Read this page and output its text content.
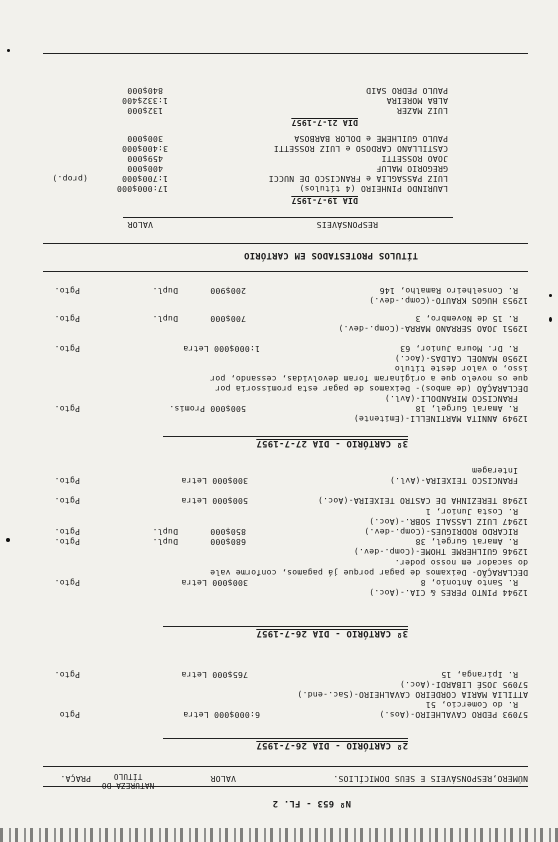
Nº 653 - FL. 2
NÚMERO,RESPONSÁVEIS E SEUS DOMICÍLIOS.
VALOR
NATUREZA DO TÍTULO
PRAÇA.
2º CARTÓRIO - DIA 26-7-1957
57093 PEDRO CAVALHEIRO-(Aos.)
6:000$000 Letra
Pgto
R. do Comercio, 51
ATTILIA MARIA CORDEIRO CAVALHEIRO-(Sac.-end.)
57095 JOSÉ LIBARDI-(Aoc.)
R. Ipiranga, 15
765$000 Letra
Pgto.
3º CARTÓRIO - DIA 26-7-1957
12944 PINTO PERES & CIA.-(Aoc.)
R. Santo Antonio, 8
300$000 Letra
Pgto.
DECLARAÇÃO- Deixamos de pagar porque já pagamos, conforme vale
do sacador em nosso poder.
12946 GUILHERME THOME-(Comp.-dev.)
R. Amaral Gurgel, 38
680$000
Dupl.
Pgto.
RICARDO RODRIGUES-(Comp.-dev.)
850$000
Dupl.
Pgto.
12947 LUIZ LASSALI SOBR.-(Aoc.)
R. Costa Junior, 1
12948 TEREZINHA DE CASTRO TEIXEIRA-(Aoc.)
500$000 Letra
Pgto.
FRANCISCO TEIXEIRA-(Avl.)
Interagem
300$000 Letra
Pgto.
3º CARTÓRIO - DIA 27-7-1957
12949 ANNITA MARTINELLI-(Emitente)
R. Amaral Gurgel, 18
500$000 Promis.
Pgto.
FRANCISCO MIRANDOLI-(Avl.)
DECLARAÇÃO (de ambos)- Deixamos de pagar esta promissoria por
que os novelo que a originaram foram devolvidas, cessando, por
isso, o valor deste título
12950 MANOEL CALDAS-(Aoc.)
R. Dr. Moura Junior, 63
1:000$000 Letra
Pgto.
12951 JOAO SERRANO MARRA-(Comp.-dev.)
R. 15 de Novembro, 3
700$000
Dupl.
Pgto.
12953 HUGOS KRAUTO-(Comp.-dev.)
R. Conselheiro Ramalho, 146
200$900
Dupl.
Pgto.
TÍTULOS PROTESTADOS EM CARTÓRIO
RESPONSÁVEIS
VALOR
DIA 19-7-1957
LAURINDO PINHEIRO (4 títulos)
17:000$000
LUIZ PASSAGLIA e FRANCISCO DE NUCCI
1:700$000
(prop.)
GREGORIO MALUF
400$000
JOAO ROSSETTI
459$000
CASTILLANO CARDOSO e LUIZ ROSSETTI
3:400$000
PAULO GUILHEME e DOLOR BARBOSA
300$000
DIA 21-7-1957
LUIZ MAZER
132$000
ALBA MOREIRA
1:332$400
PAULO PEDRO SAID
840$000
